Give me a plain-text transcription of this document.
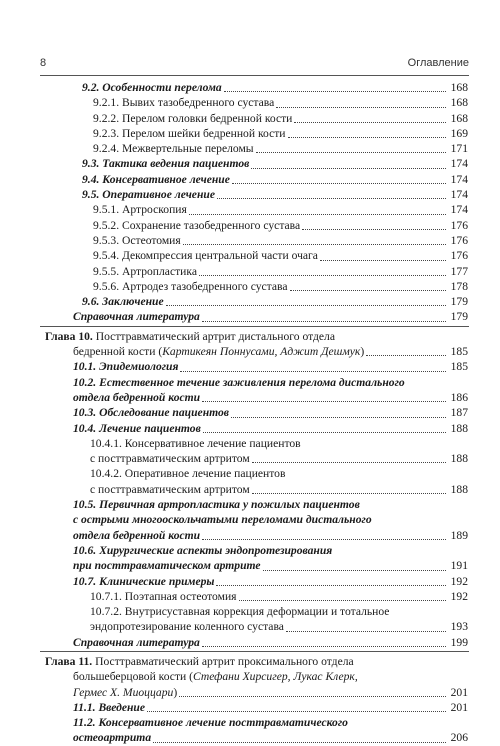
8	Оглавление
9.2. Особенности перелома	168
9.2.1. Вывих тазобедренного сустава	168
9.2.2. Перелом головки бедренной кости	168
9.2.3. Перелом шейки бедренной кости	169
9.2.4. Межвертельные переломы	171
9.3. Тактика ведения пациентов	174
9.4. Консервативное лечение	174
9.5. Оперативное лечение	174
9.5.1. Артроскопия	174
9.5.2. Сохранение тазобедренного сустава	176
9.5.3. Остеотомия	176
9.5.4. Декомпрессия центральной части очага	176
9.5.5. Артропластика	177
9.5.6. Артродез тазобедренного сустава	178
9.6. Заключение	179
Справочная литература	179
Глава 10. Посттравматический артрит дистального отдела
бедренной кости (Картикеян Поннусами, Аджит Дешмук)	185
10.1. Эпидемиология	185
10.2. Естественное течение заживления перелома дистального
отдела бедренной кости	186
10.3. Обследование пациентов	187
10.4. Лечение пациентов	188
10.4.1. Консервативное лечение пациентов
с посттравматическим артритом	188
10.4.2. Оперативное лечение пациентов
с посттравматическим артритом	188
10.5. Первичная артропластика у пожилых пациентов
с острыми многооскольчатыми переломами дистального
отдела бедренной кости	189
10.6. Хирургические аспекты эндопротезирования
при посттравматическом артрите	191
10.7. Клинические примеры	192
10.7.1. Поэтапная остеотомия	192
10.7.2. Внутрисуставная коррекция деформации и тотальное
эндопротезирование коленного сустава	193
Справочная литература	199
Глава 11. Посттравматический артрит проксимального отдела
большеберцовой кости (Стефани Хирсигер, Лукас Клерк,
Гермес Х. Миоццари)	201
11.1. Введение	201
11.2. Консервативное лечение посттравматического
остеоартрита	206
